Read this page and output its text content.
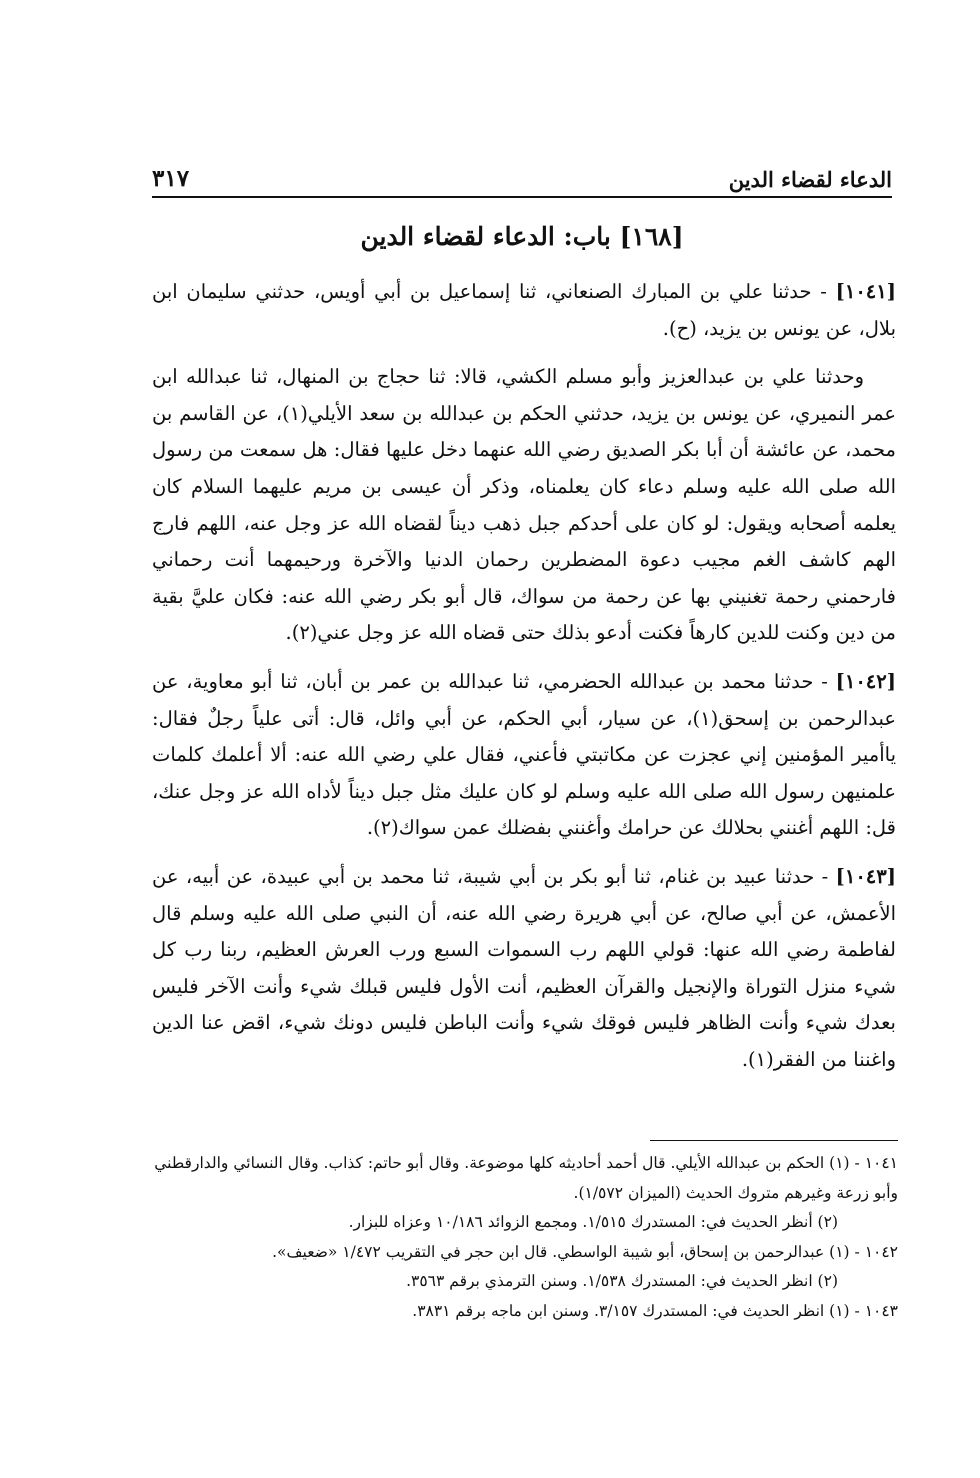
الدعاء لقضاء الدين
٣١٧
[١٦٨] باب: الدعاء لقضاء الدين

[١٠٤١] - حدثنا علي بن المبارك الصنعاني، ثنا إسماعيل بن أبي أويس، حدثني سليمان ابن بلال، عن يونس بن يزيد، (ح).

وحدثنا علي بن عبدالعزيز وأبو مسلم الكشي، قالا: ثنا حجاج بن المنهال، ثنا عبدالله ابن عمر النميري، عن يونس بن يزيد، حدثني الحكم بن عبدالله بن سعد الأيلي(١)، عن القاسم بن محمد، عن عائشة أن أبا بكر الصديق رضي الله عنهما دخل عليها فقال: هل سمعت من رسول الله صلى الله عليه وسلم دعاء كان يعلمناه، وذكر أن عيسى بن مريم عليهما السلام كان يعلمه أصحابه ويقول: لو كان على أحدكم جبل ذهب ديناً لقضاه الله عز وجل عنه، اللهم فارج الهم كاشف الغم مجيب دعوة المضطرين رحمان الدنيا والآخرة ورحيمهما أنت رحماني فارحمني رحمة تغنيني بها عن رحمة من سواك، قال أبو بكر رضي الله عنه: فكان عليَّ بقية من دين وكنت للدين كارهاً فكنت أدعو بذلك حتى قضاه الله عز وجل عني(٢).

[١٠٤٢] - حدثنا محمد بن عبدالله الحضرمي، ثنا عبدالله بن عمر بن أبان، ثنا أبو معاوية، عن عبدالرحمن بن إسحق(١)، عن سيار، أبي الحكم، عن أبي وائل، قال: أتى علياً رجلٌ فقال: ياأمير المؤمنين إني عجزت عن مكاتبتي فأعني، فقال علي رضي الله عنه: ألا أعلمك كلمات علمنيهن رسول الله صلى الله عليه وسلم لو كان عليك مثل جبل ديناً لأداه الله عز وجل عنك، قل: اللهم أغنني بحلالك عن حرامك وأغنني بفضلك عمن سواك(٢).

[١٠٤٣] - حدثنا عبيد بن غنام، ثنا أبو بكر بن أبي شيبة، ثنا محمد بن أبي عبيدة، عن أبيه، عن الأعمش، عن أبي صالح، عن أبي هريرة رضي الله عنه، أن النبي صلى الله عليه وسلم قال لفاطمة رضي الله عنها: قولي اللهم رب السموات السبع ورب العرش العظيم، ربنا رب كل شيء منزل التوراة والإنجيل والقرآن العظيم، أنت الأول فليس قبلك شيء وأنت الآخر فليس بعدك شيء وأنت الظاهر فليس فوقك شيء وأنت الباطن فليس دونك شيء، اقض عنا الدين واغننا من الفقر(١).

١٠٤١ - (١) الحكم بن عبدالله الأيلي. قال أحمد أحاديثه كلها موضوعة. وقال أبو حاتم: كذاب. وقال النسائي والدارقطني وأبو زرعة وغيرهم متروك الحديث (الميزان ١/٥٧٢).

(٢) أنظر الحديث في: المستدرك ١/٥١٥. ومجمع الزوائد ١٠/١٨٦ وعزاه للبزار.

١٠٤٢ - (١) عبدالرحمن بن إسحاق، أبو شيبة الواسطي. قال ابن حجر في التقريب ١/٤٧٢ «ضعيف».

(٢) انظر الحديث في: المستدرك ١/٥٣٨. وسنن الترمذي برقم ٣٥٦٣.

١٠٤٣ - (١) انظر الحديث في: المستدرك ٣/١٥٧. وسنن ابن ماجه برقم ٣٨٣١.
